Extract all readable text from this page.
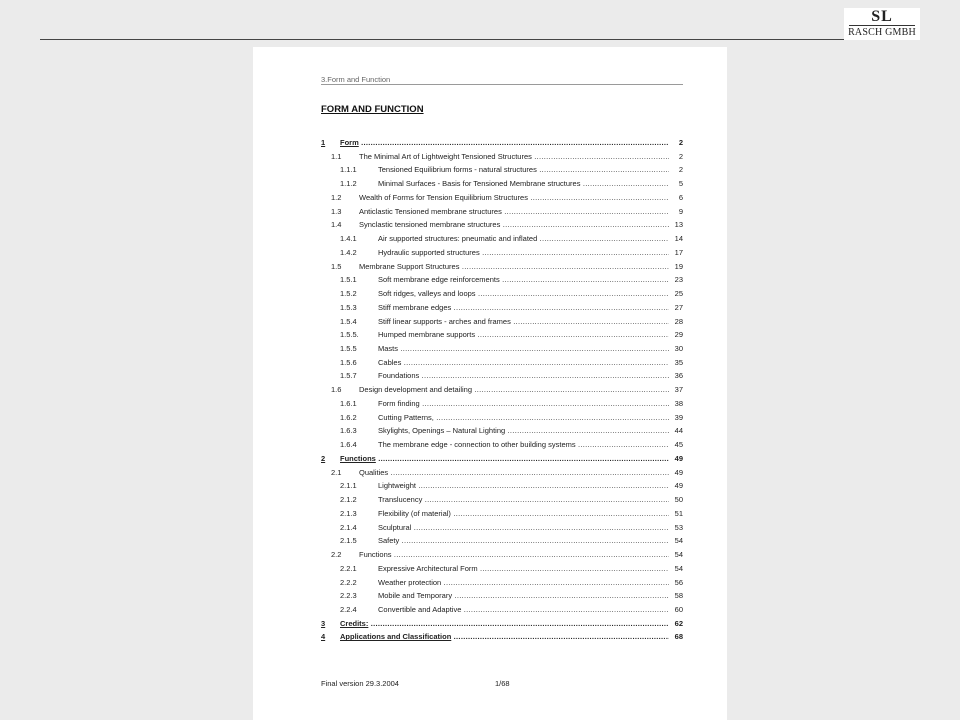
SL
RASCH GMBH
3.Form and Function
FORM AND FUNCTION
1 Form .....	2
1.1 The Minimal Art of Lightweight Tensioned Structures .....	2
1.1.1	Tensioned Equilibrium forms - natural structures .....	2
1.1.2	Minimal Surfaces - Basis for Tensioned Membrane structures .....	5
1.2 Wealth of Forms for Tension Equilibrium Structures .....	6
1.3 Anticlastic Tensioned membrane structures .....	9
1.4 Synclastic tensioned membrane structures .....	13
1.4.1	Air supported structures: pneumatic and inflated .....	14
1.4.2	Hydraulic supported structures .....	17
1.5 Membrane Support Structures .....	19
1.5.1	Soft membrane edge reinforcements .....	23
1.5.2	Soft ridges, valleys and loops .....	25
1.5.3	Stiff membrane edges .....	27
1.5.4	Stiff linear supports - arches and frames .....	28
1.5.5.	Humped membrane supports .....	29
1.5.5	Masts .....	30
1.5.6	Cables .....	35
1.5.7	Foundations .....	36
1.6 Design development and detailing .....	37
1.6.1	Form finding .....	38
1.6.2	Cutting Patterns, .....	39
1.6.3	Skylights, Openings – Natural Lighting .....	44
1.6.4	The membrane edge - connection to other building systems .....	45
2 Functions .....	49
2.1 Qualities .....	49
2.1.1	Lightweight .....	49
2.1.2	Translucency .....	50
2.1.3	Flexibility (of material) .....	51
2.1.4	Sculptural .....	53
2.1.5	Safety .....	54
2.2 Functions .....	54
2.2.1	Expressive Architectural Form .....	54
2.2.2	Weather protection .....	56
2.2.3	Mobile and Temporary .....	58
2.2.4	Convertible and Adaptive .....	60
3 Credits: .....	62
4 Applications and Classification .....	68
Final version 29.3.2004	1/68
